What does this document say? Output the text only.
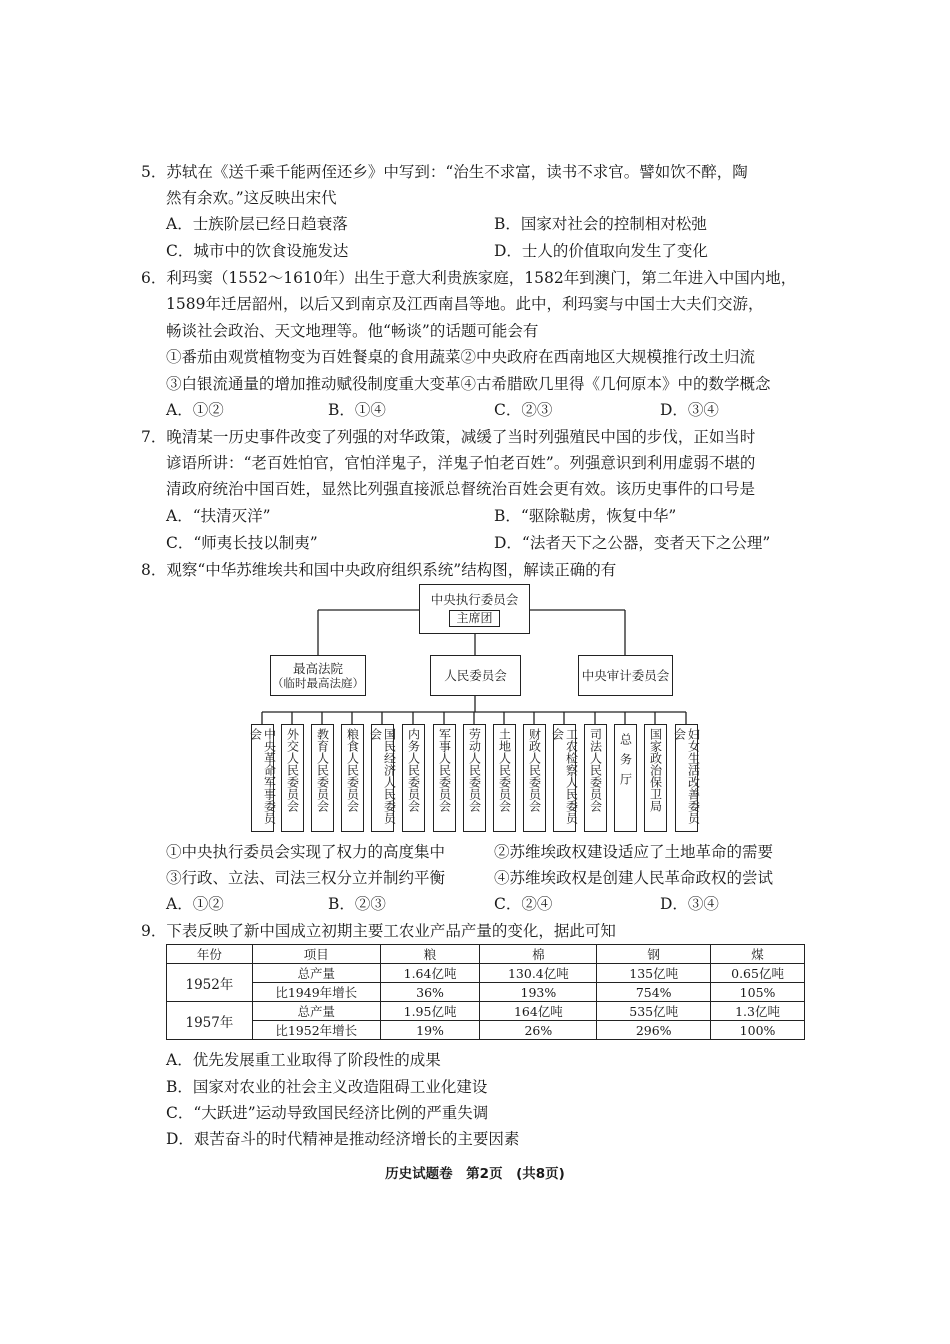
5．苏轼在《送千乘千能两侄还乡》中写到：“治生不求富，读书不求官。譬如饮不醉，陶
然有余欢。”这反映出宋代
A．士族阶层已经日趋衰落	B．国家对社会的控制相对松弛
C．城市中的饮食设施发达	D．士人的价值取向发生了变化
6．利玛窦（1552～1610年）出生于意大利贵族家庭，1582年到澳门，第二年进入中国内地，
1589年迁居韶州，以后又到南京及江西南昌等地。此中，利玛窦与中国士大夫们交游，
畅谈社会政治、天文地理等。他“畅谈”的话题可能会有
①番茄由观赏植物变为百姓餐桌的食用蔬菜②中央政府在西南地区大规模推行改土归流
③白银流通量的增加推动赋役制度重大变革④古希腊欧几里得《几何原本》中的数学概念
A．①②	B．①④	C．②③	D．③④
7．晚清某一历史事件改变了列强的对华政策，减缓了当时列强殖民中国的步伐，正如当时
谚语所讲：“老百姓怕官，官怕洋鬼子，洋鬼子怕老百姓”。列强意识到利用虚弱不堪的
清政府统治中国百姓，显然比列强直接派总督统治百姓会更有效。该历史事件的口号是
A．“扶清灭洋”	B．“驱除鞑虏，恢复中华”
C．“师夷长技以制夷”	D．“法者天下之公器，变者天下之公理”
8．观察“中华苏维埃共和国中央政府组织系统”结构图，解读正确的有
中央执行委员会
主席团
最高法院
（临时最高法庭）	人民委员会	中央审计委员会
中央革命军事委员会	外交人民委员会	教育人民委员会	粮食人民委员会	国民经济人民委员会	内务人民委员会	军事人民委员会	劳动人民委员会	土地人民委员会	财政人民委员会	工农检察人民委员会	司法人民委员会	总务厅	国家政治保卫局	妇女生活改善委员会
①中央执行委员会实现了权力的高度集中	②苏维埃政权建设适应了土地革命的需要
③行政、立法、司法三权分立并制约平衡	④苏维埃政权是创建人民革命政权的尝试
A．①②	B．②③	C．②④	D．③④
9．下表反映了新中国成立初期主要工农业产品产量的变化，据此可知
年份	项目	粮	棉	钢	煤
1952年	总产量	1.64亿吨	130.4亿吨	135亿吨	0.65亿吨
	比1949年增长	36%	193%	754%	105%
1957年	总产量	1.95亿吨	164亿吨	535亿吨	1.3亿吨
	比1952年增长	19%	26%	296%	100%
A．优先发展重工业取得了阶段性的成果
B．国家对农业的社会主义改造阻碍工业化建设
C．“大跃进”运动导致国民经济比例的严重失调
D．艰苦奋斗的时代精神是推动经济增长的主要因素
历史试题卷　第2页　(共8页)
